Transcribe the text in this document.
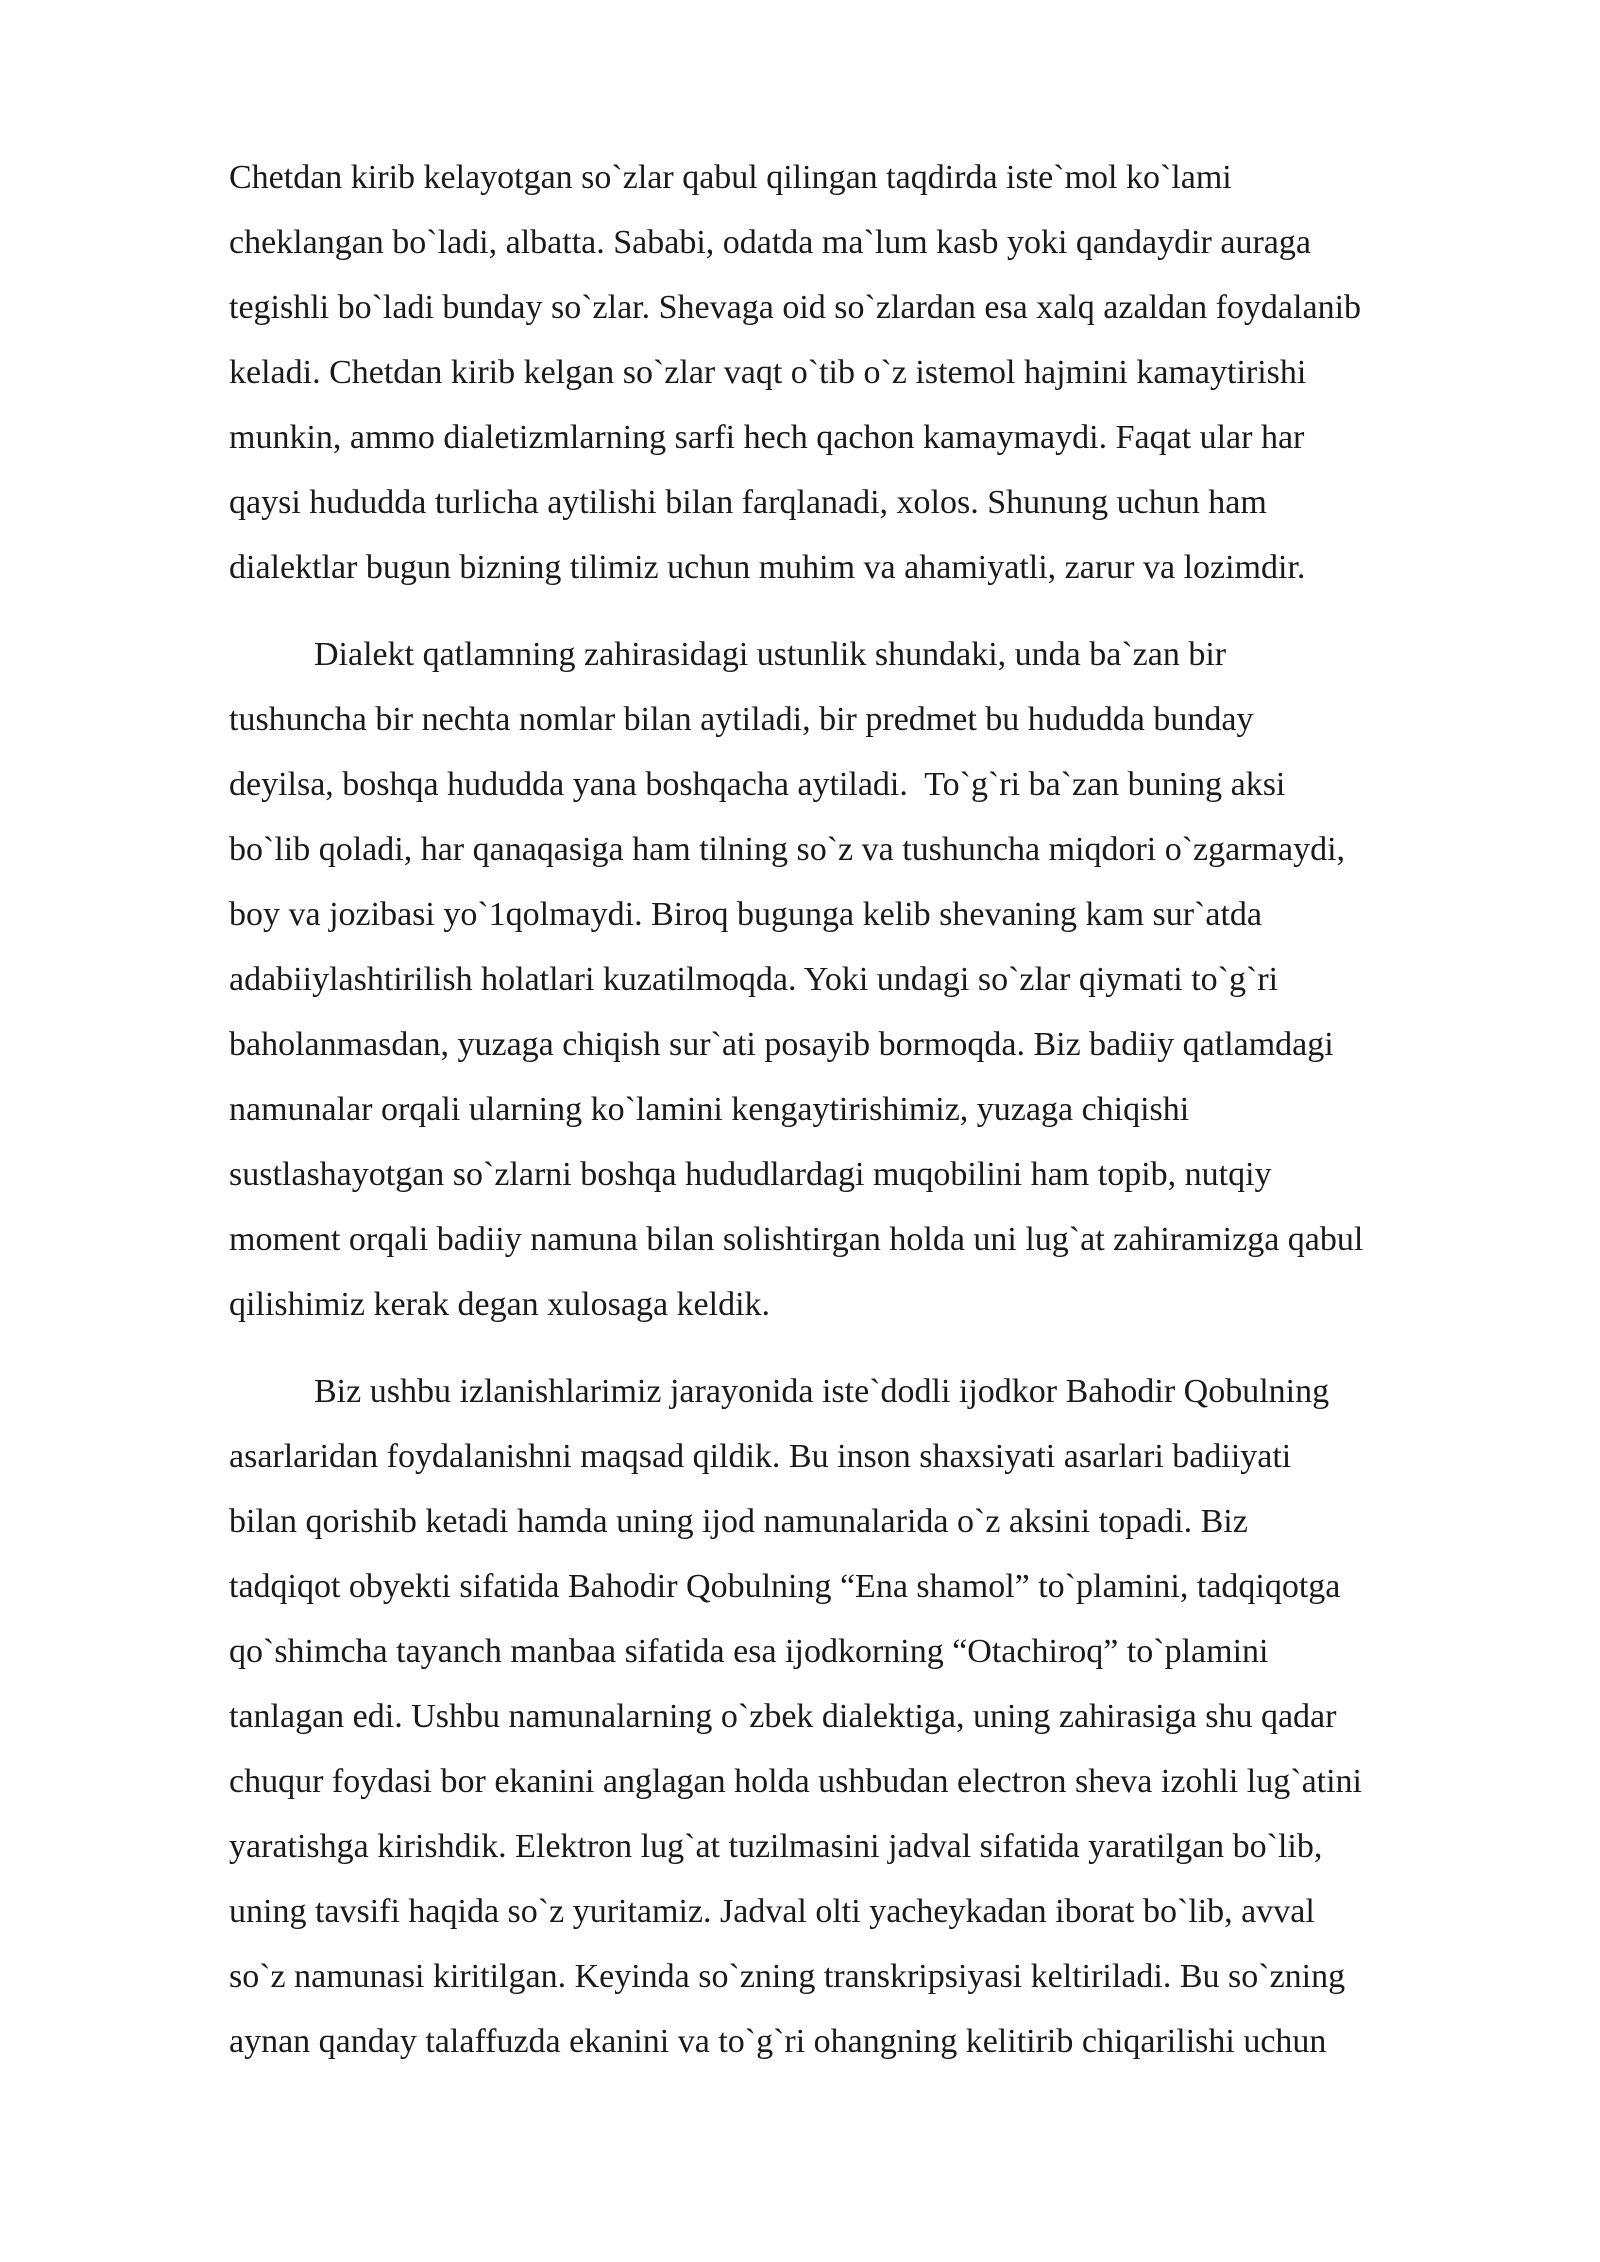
Chetdan kirib kelayotgan so`zlar qabul qilingan taqdirda iste`mol ko`lami
cheklangan bo`ladi, albatta. Sababi, odatda ma`lum kasb yoki qandaydir auraga
tegishli bo`ladi bunday so`zlar. Shevaga oid so`zlardan esa xalq azaldan foydalanib
keladi. Chetdan kirib kelgan so`zlar vaqt o`tib o`z istemol hajmini kamaytirishi
munkin, ammo dialetizmlarning sarfi hech qachon kamaymaydi. Faqat ular har
qaysi hududda turlicha aytilishi bilan farqlanadi, xolos. Shunung uchun ham
dialektlar bugun bizning tilimiz uchun muhim va ahamiyatli, zarur va lozimdir.
Dialekt qatlamning zahirasidagi ustunlik shundaki, unda ba`zan bir
tushuncha bir nechta nomlar bilan aytiladi, bir predmet bu hududda bunday
deyilsa, boshqa hududda yana boshqacha aytiladi.  To`g`ri ba`zan buning aksi
bo`lib qoladi, har qanaqasiga ham tilning so`z va tushuncha miqdori o`zgarmaydi,
boy va jozibasi yo`1qolmaydi. Biroq bugunga kelib shevaning kam sur`atda
adabiiylashtirilish holatlari kuzatilmoqda. Yoki undagi so`zlar qiymati to`g`ri
baholanmasdan, yuzaga chiqish sur`ati posayib bormoqda. Biz badiiy qatlamdagi
namunalar orqali ularning ko`lamini kengaytirishimiz, yuzaga chiqishi
sustlashayotgan so`zlarni boshqa hududlardagi muqobilini ham topib, nutqiy
moment orqali badiiy namuna bilan solishtirgan holda uni lug`at zahiramizga qabul
qilishimiz kerak degan xulosaga keldik.
Biz ushbu izlanishlarimiz jarayonida iste`dodli ijodkor Bahodir Qobulning
asarlaridan foydalanishni maqsad qildik. Bu inson shaxsiyati asarlari badiiyati
bilan qorishib ketadi hamda uning ijod namunalarida o`z aksini topadi. Biz
tadqiqot obyekti sifatida Bahodir Qobulning “Ena shamol” to`plamini, tadqiqotga
qo`shimcha tayanch manbaa sifatida esa ijodkorning “Otachiroq” to`plamini
tanlagan edi. Ushbu namunalarning o`zbek dialektiga, uning zahirasiga shu qadar
chuqur foydasi bor ekanini anglagan holda ushbudan electron sheva izohli lug`atini
yaratishga kirishdik. Elektron lug`at tuzilmasini jadval sifatida yaratilgan bo`lib,
uning tavsifi haqida so`z yuritamiz. Jadval olti yacheykadan iborat bo`lib, avval
so`z namunasi kiritilgan. Keyinda so`zning transkripsiyasi keltiriladi. Bu so`zning
aynan qanday talaffuzda ekanini va to`g`ri ohangning kelitirib chiqarilishi uchun
